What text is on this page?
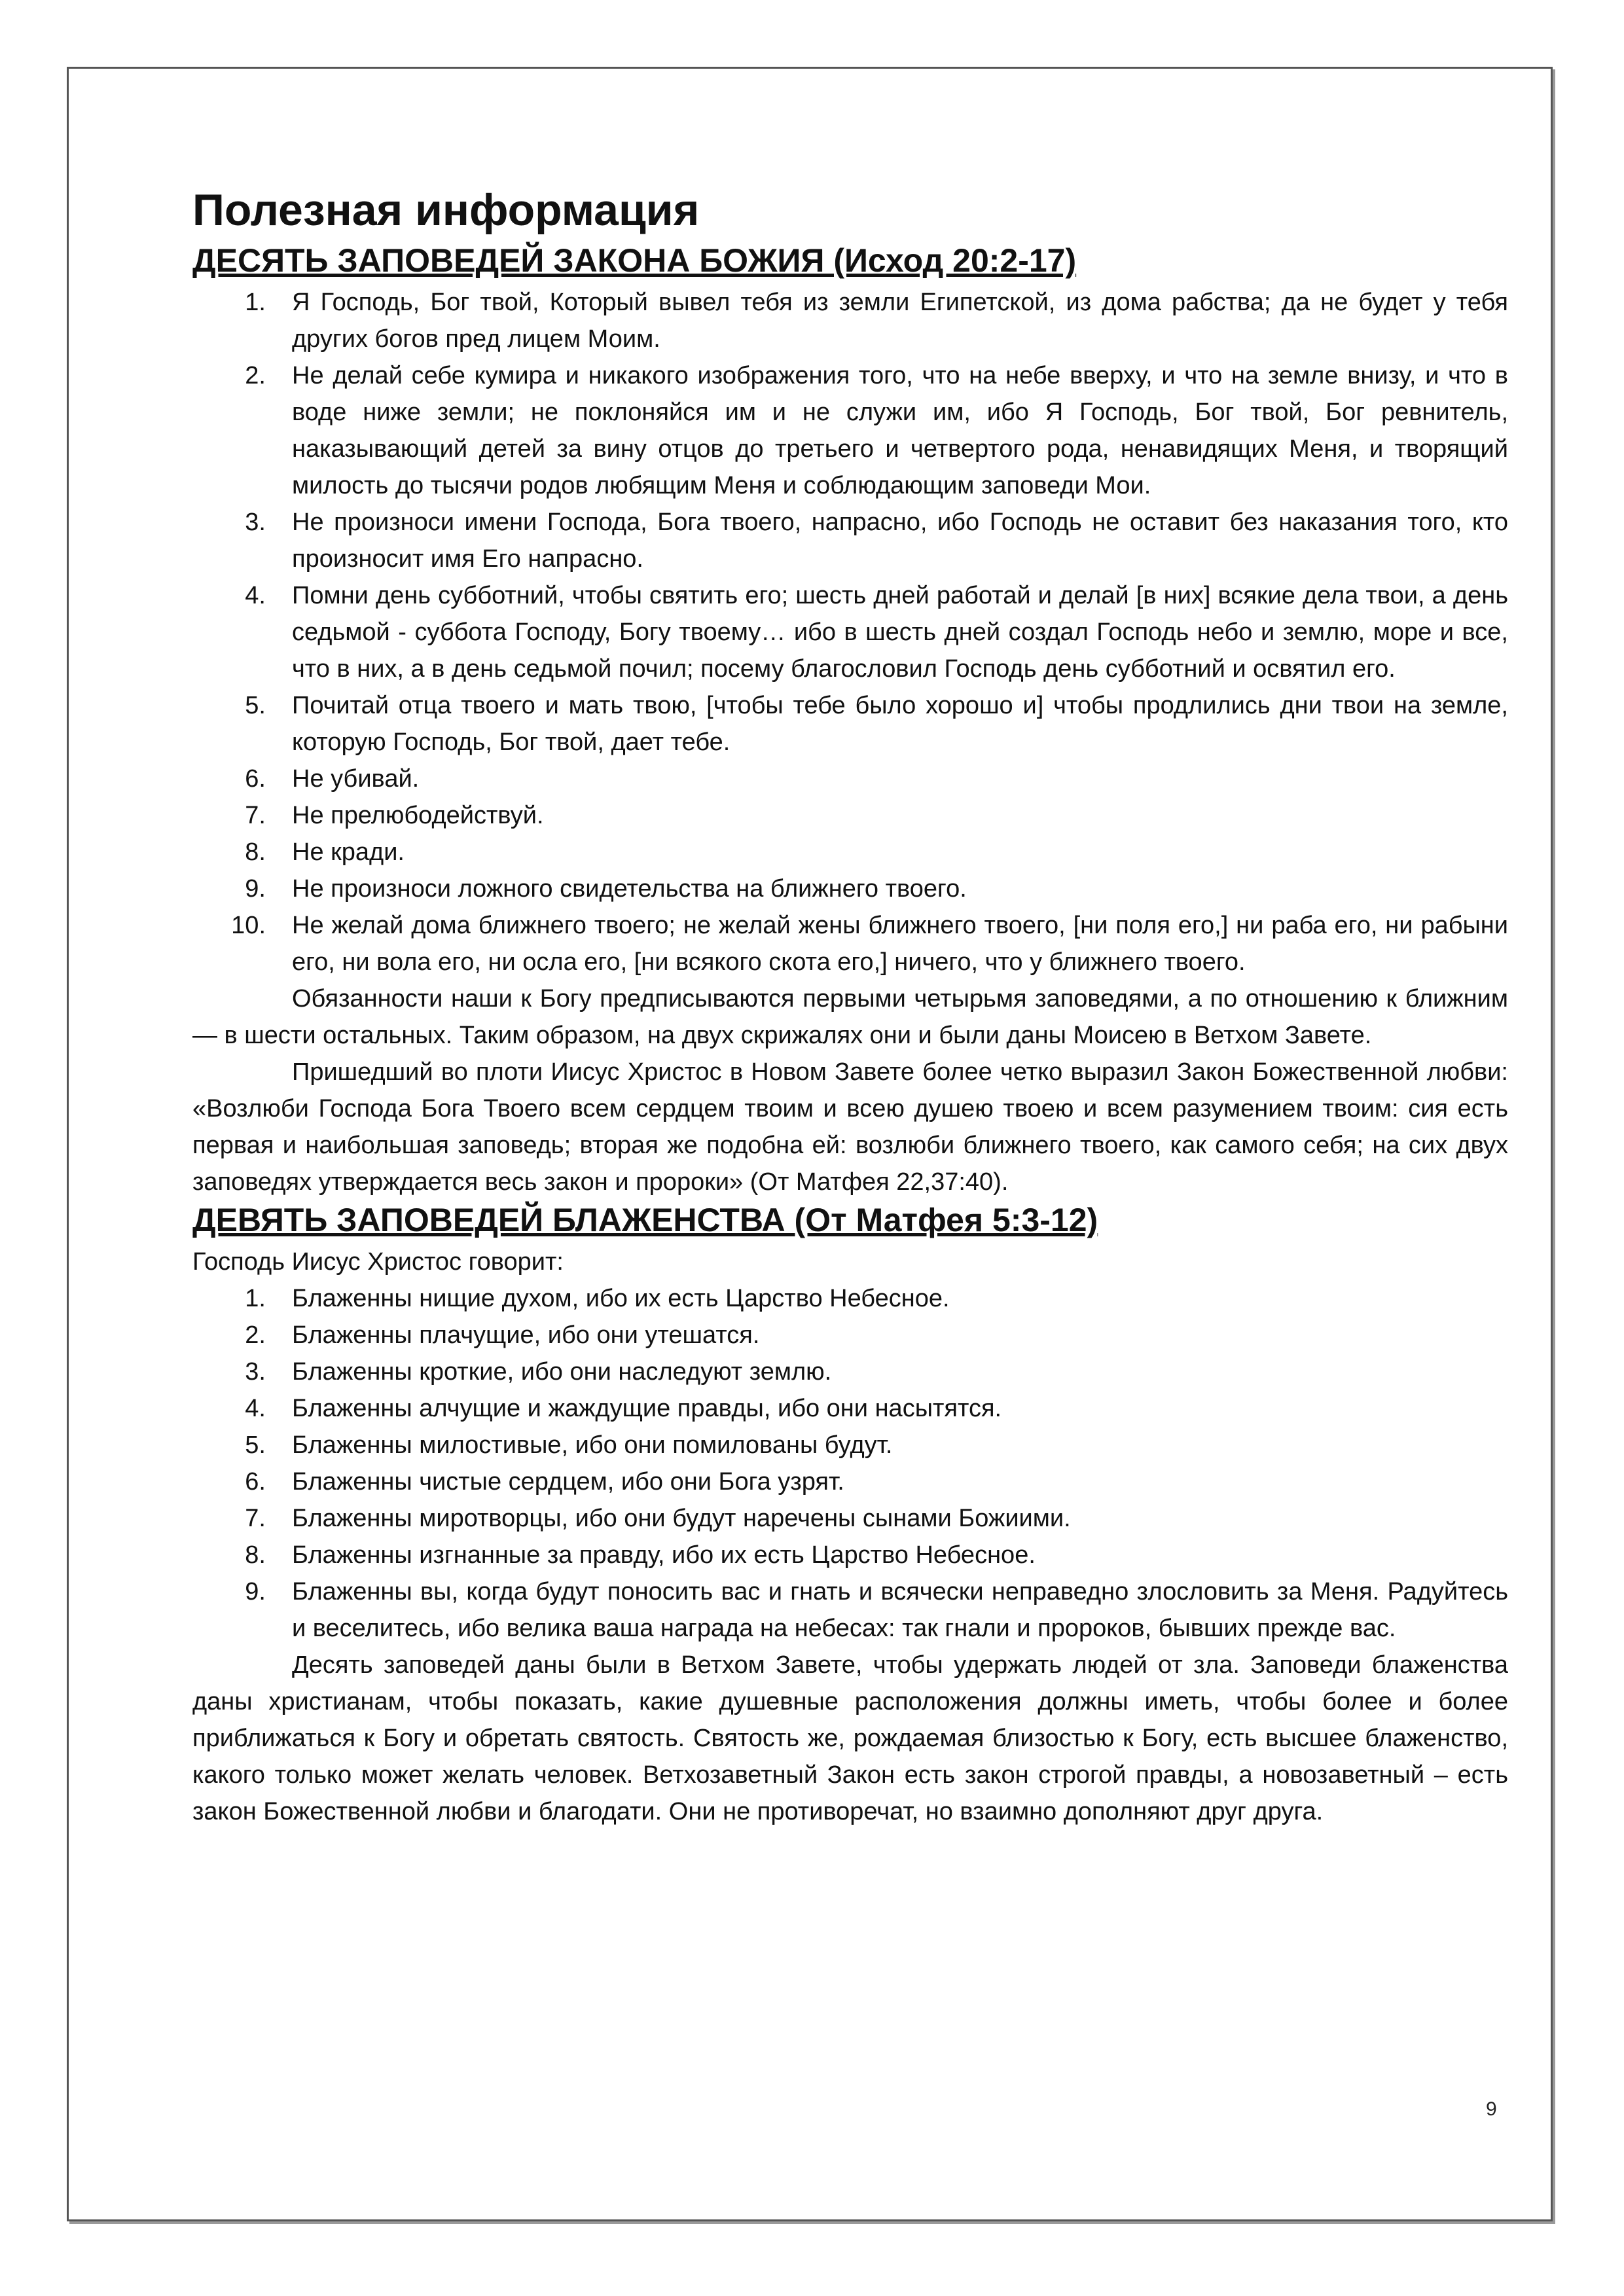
Полезная информация
ДЕСЯТЬ ЗАПОВЕДЕЙ ЗАКОНА БОЖИЯ (Исход 20:2-17)
1. Я Господь, Бог твой, Который вывел тебя из земли Египетской, из дома рабства; да не будет у тебя других богов пред лицем Моим.
2. Не делай себе кумира и никакого изображения того, что на небе вверху, и что на земле внизу, и что в воде ниже земли; не поклоняйся им и не служи им, ибо Я Господь, Бог твой, Бог ревнитель, наказывающий детей за вину отцов до третьего и четвертого рода, ненавидящих Меня, и творящий милость до тысячи родов любящим Меня и соблюдающим заповеди Мои.
3. Не произноси имени Господа, Бога твоего, напрасно, ибо Господь не оставит без наказания того, кто произносит имя Его напрасно.
4. Помни день субботний, чтобы святить его; шесть дней работай и делай [в них] всякие дела твои, а день седьмой - суббота Господу, Богу твоему… ибо в шесть дней создал Господь небо и землю, море и все, что в них, а в день седьмой почил; посему благословил Господь день субботний и освятил его.
5. Почитай отца твоего и мать твою, [чтобы тебе было хорошо и] чтобы продлились дни твои на земле, которую Господь, Бог твой, дает тебе.
6. Не убивай.
7. Не прелюбодействуй.
8. Не кради.
9. Не произноси ложного свидетельства на ближнего твоего.
10. Не желай дома ближнего твоего; не желай жены ближнего твоего, [ни поля его,] ни раба его, ни рабыни его, ни вола его, ни осла его, [ни всякого скота его,] ничего, что у ближнего твоего.

Обязанности наши к Богу предписываются первыми четырьмя заповедями, а по отношению к ближним — в шести остальных. Таким образом, на двух скрижалях они и были даны Моисею в Ветхом Завете.

Пришедший во плоти Иисус Христос в Новом Завете более четко выразил Закон Божественной любви: «Возлюби Господа Бога Твоего всем сердцем твоим и всею душею твоею и всем разумением твоим: сия есть первая и наибольшая заповедь; вторая же подобна ей: возлюби ближнего твоего, как самого себя; на сих двух заповедях утверждается весь закон и пророки» (От Матфея 22,37:40).

ДЕВЯТЬ ЗАПОВЕДЕЙ БЛАЖЕНСТВА (От Матфея 5:3-12)

Господь Иисус Христос говорит:

1. Блаженны нищие духом, ибо их есть Царство Небесное.
2. Блаженны плачущие, ибо они утешатся.
3. Блаженны кроткие, ибо они наследуют землю.
4. Блаженны алчущие и жаждущие правды, ибо они насытятся.
5. Блаженны милостивые, ибо они помилованы будут.
6. Блаженны чистые сердцем, ибо они Бога узрят.
7. Блаженны миротворцы, ибо они будут наречены сынами Божиими.
8. Блаженны изгнанные за правду, ибо их есть Царство Небесное.
9. Блаженны вы, когда будут поносить вас и гнать и всячески неправедно злословить за Меня. Радуйтесь и веселитесь, ибо велика ваша награда на небесах: так гнали и пророков, бывших прежде вас.

Десять заповедей даны были в Ветхом Завете, чтобы удержать людей от зла. Заповеди блаженства даны христианам, чтобы показать, какие душевные расположения должны иметь, чтобы более и более приближаться к Богу и обретать святость. Святость же, рождаемая близостью к Богу, есть высшее блаженство, какого только может желать человек. Ветхозаветный Закон есть закон строгой правды, а новозаветный – есть закон Божественной любви и благодати. Они не противоречат, но взаимно дополняют друг друга.

9
